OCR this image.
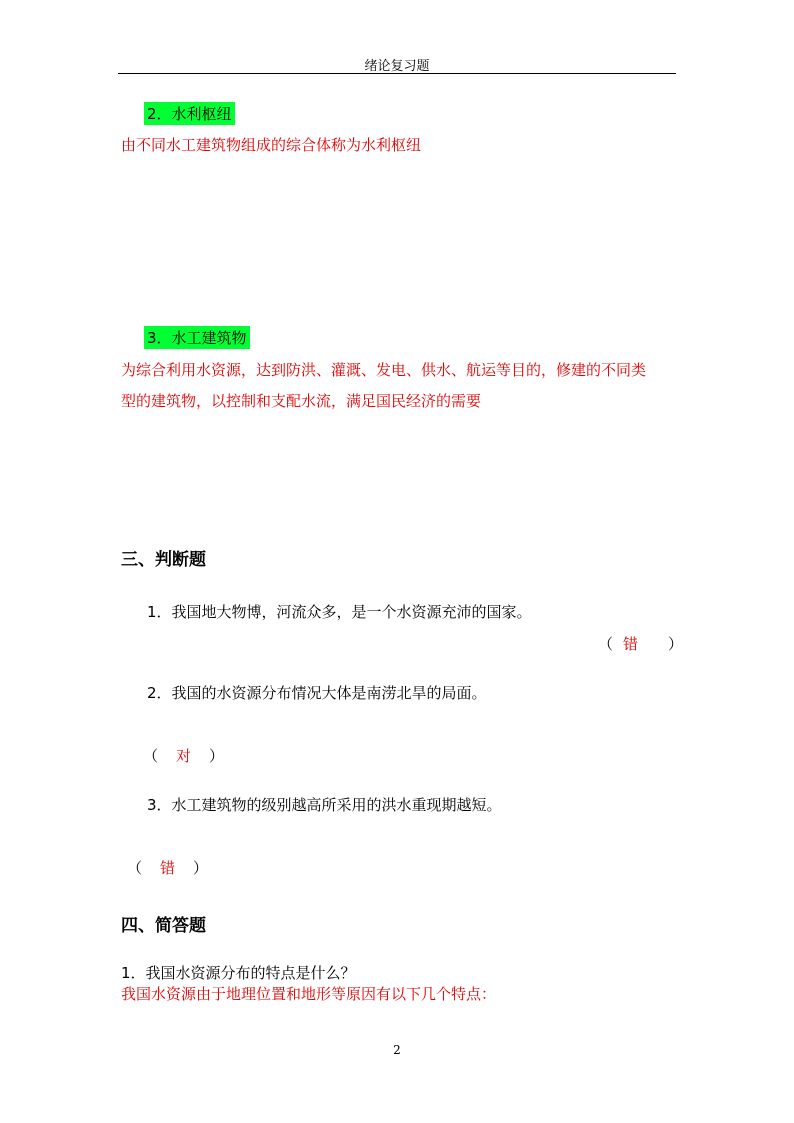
绪论复习题
2．水利枢纽
由不同水工建筑物组成的综合体称为水利枢纽
3．水工建筑物
为综合利用水资源，达到防洪、灌溉、发电、供水、航运等目的，修建的不同类
型的建筑物，以控制和支配水流，满足国民经济的需要
三、判断题
1．我国地大物博，河流众多，是一个水资源充沛的国家。
（ 错 ）
2．我国的水资源分布情况大体是南涝北旱的局面。
（ 对 ）
3．水工建筑物的级别越高所采用的洪水重现期越短。
（ 错 ）
四、简答题
1．我国水资源分布的特点是什么？
我国水资源由于地理位置和地形等原因有以下几个特点：
2
